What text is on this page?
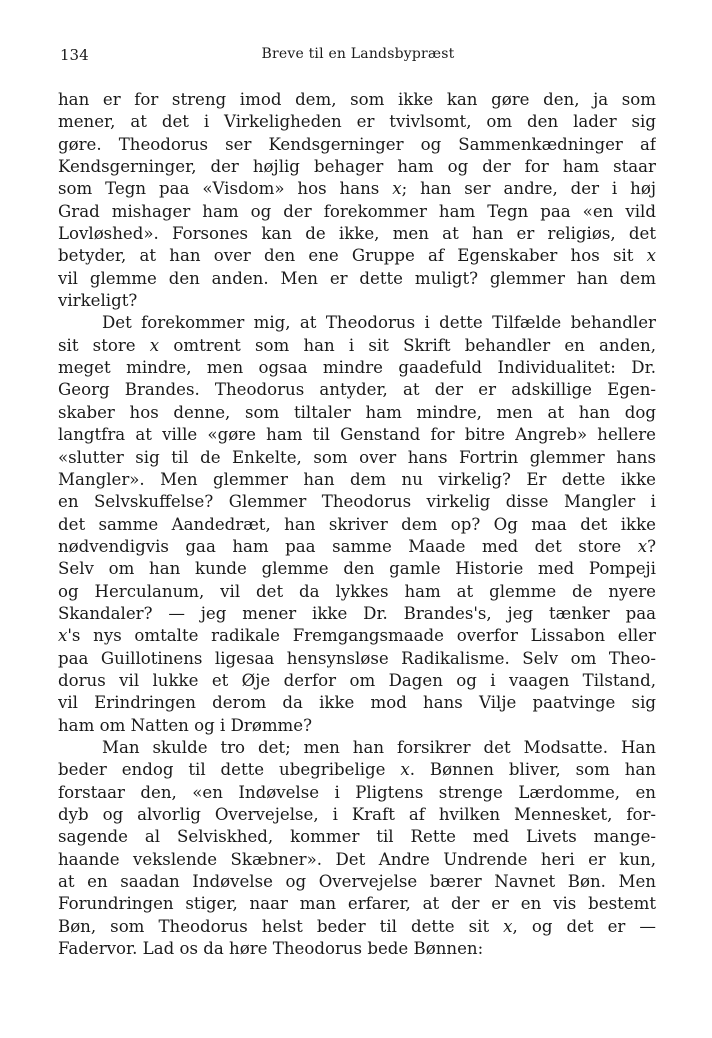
134	Breve til en Landsbypræst
han er for streng imod dem, som ikke kan gøre den, ja som
mener, at det i Virkeligheden er tvivlsomt, om den lader sig
gøre. Theodorus ser Kendsgerninger og Sammenkædninger af
Kendsgerninger, der højlig behager ham og der for ham staar
som Tegn paa «Visdom» hos hans x; han ser andre, der i høj
Grad mishager ham og der forekommer ham Tegn paa «en vild
Lovløshed». Forsones kan de ikke, men at han er religiøs, det
betyder, at han over den ene Gruppe af Egenskaber hos sit x
vil glemme den anden. Men er dette muligt? glemmer han dem
virkeligt?
Det forekommer mig, at Theodorus i dette Tilfælde behandler
sit store x omtrent som han i sit Skrift behandler en anden,
meget mindre, men ogsaa mindre gaadefuld Individualitet: Dr.
Georg Brandes. Theodorus antyder, at der er adskillige Egen-
skaber hos denne, som tiltaler ham mindre, men at han dog
langtfra at ville «gøre ham til Genstand for bitre Angreb» hellere
«slutter sig til de Enkelte, som over hans Fortrin glemmer hans
Mangler». Men glemmer han dem nu virkelig? Er dette ikke
en Selvskuffelse? Glemmer Theodorus virkelig disse Mangler i
det samme Aandedræt, han skriver dem op? Og maa det ikke
nødvendigvis gaa ham paa samme Maade med det store x?
Selv om han kunde glemme den gamle Historie med Pompeji
og Herculanum, vil det da lykkes ham at glemme de nyere
Skandaler? — jeg mener ikke Dr. Brandes's, jeg tænker paa
x's nys omtalte radikale Fremgangsmaade overfor Lissabon eller
paa Guillotinens ligesaa hensynsløse Radikalisme. Selv om Theo-
dorus vil lukke et Øje derfor om Dagen og i vaagen Tilstand,
vil Erindringen derom da ikke mod hans Vilje paatvinge sig
ham om Natten og i Drømme?
Man skulde tro det; men han forsikrer det Modsatte. Han
beder endog til dette ubegribelige x. Bønnen bliver, som han
forstaar den, «en Indøvelse i Pligtens strenge Lærdomme, en
dyb og alvorlig Overvejelse, i Kraft af hvilken Mennesket, for-
sagende al Selviskhed, kommer til Rette med Livets mange-
haande vekslende Skæbner». Det Andre Undrende heri er kun,
at en saadan Indøvelse og Overvejelse bærer Navnet Bøn. Men
Forundringen stiger, naar man erfarer, at der er en vis bestemt
Bøn, som Theodorus helst beder til dette sit x, og det er —
Fadervor. Lad os da høre Theodorus bede Bønnen:
